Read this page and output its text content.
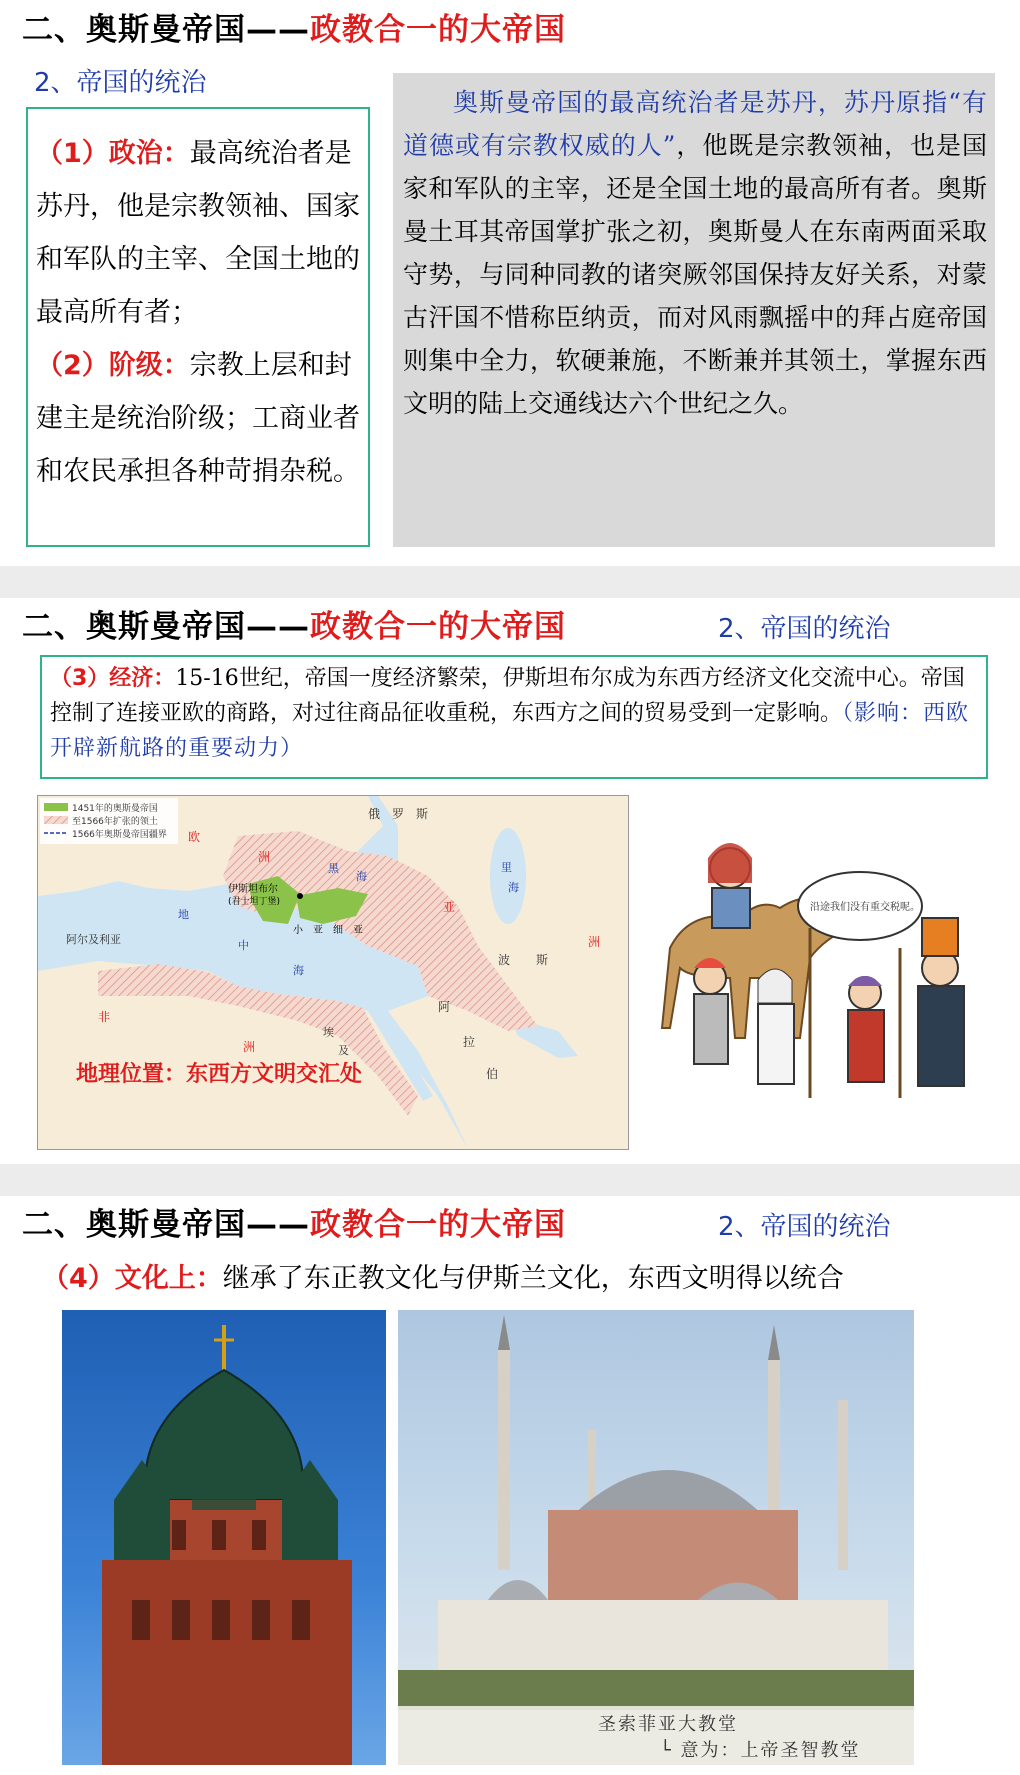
二、奥斯曼帝国——政教合一的大帝国
2、帝国的统治
（1）政治：最高统治者是苏丹，他是宗教领袖、国家和军队的主宰、全国土地的最高所有者；
（2）阶级：宗教上层和封建主是统治阶级；工商业者和农民承担各种苛捐杂税。
奥斯曼帝国的最高统治者是苏丹，苏丹原指“有道德或有宗教权威的人”，他既是宗教领袖，也是国家和军队的主宰，还是全国土地的最高所有者。奥斯曼土耳其帝国掌扩张之初，奥斯曼人在东南两面采取守势，与同种同教的诸突厥邻国保持友好关系，对蒙古汗国不惜称臣纳贡，而对风雨飘摇中的拜占庭帝国则集中全力，软硬兼施，不断兼并其领土，掌握东西文明的陆上交通线达六个世纪之久。
二、奥斯曼帝国——政教合一的大帝国	2、帝国的统治
（3）经济：15-16世纪，帝国一度经济繁荣，伊斯坦布尔成为东西方经济文化交流中心。帝国控制了连接亚欧的商路，对过往商品征收重税，东西方之间的贸易受到一定影响。（影响：西欧开辟新航路的重要动力）
1451年的奥斯曼帝国
至1566年扩张的领土
1566年奥斯曼帝国疆界
俄　罗　斯
欧
洲
伊斯坦布尔
(君士坦丁堡)
黑
海
里
海
小　亚　细　亚
阿尔及利亚
地
中
海
亚
洲
波 斯
非
洲
埃
及
阿
拉
伯
地理位置：东西方文明交汇处
沿途我们没有重交税呢。
二、奥斯曼帝国——政教合一的大帝国	2、帝国的统治
（4）文化上：继承了东正教文化与伊斯兰文化，东西文明得以统合
圣索菲亚大教堂
└ 意为：上帝圣智教堂
